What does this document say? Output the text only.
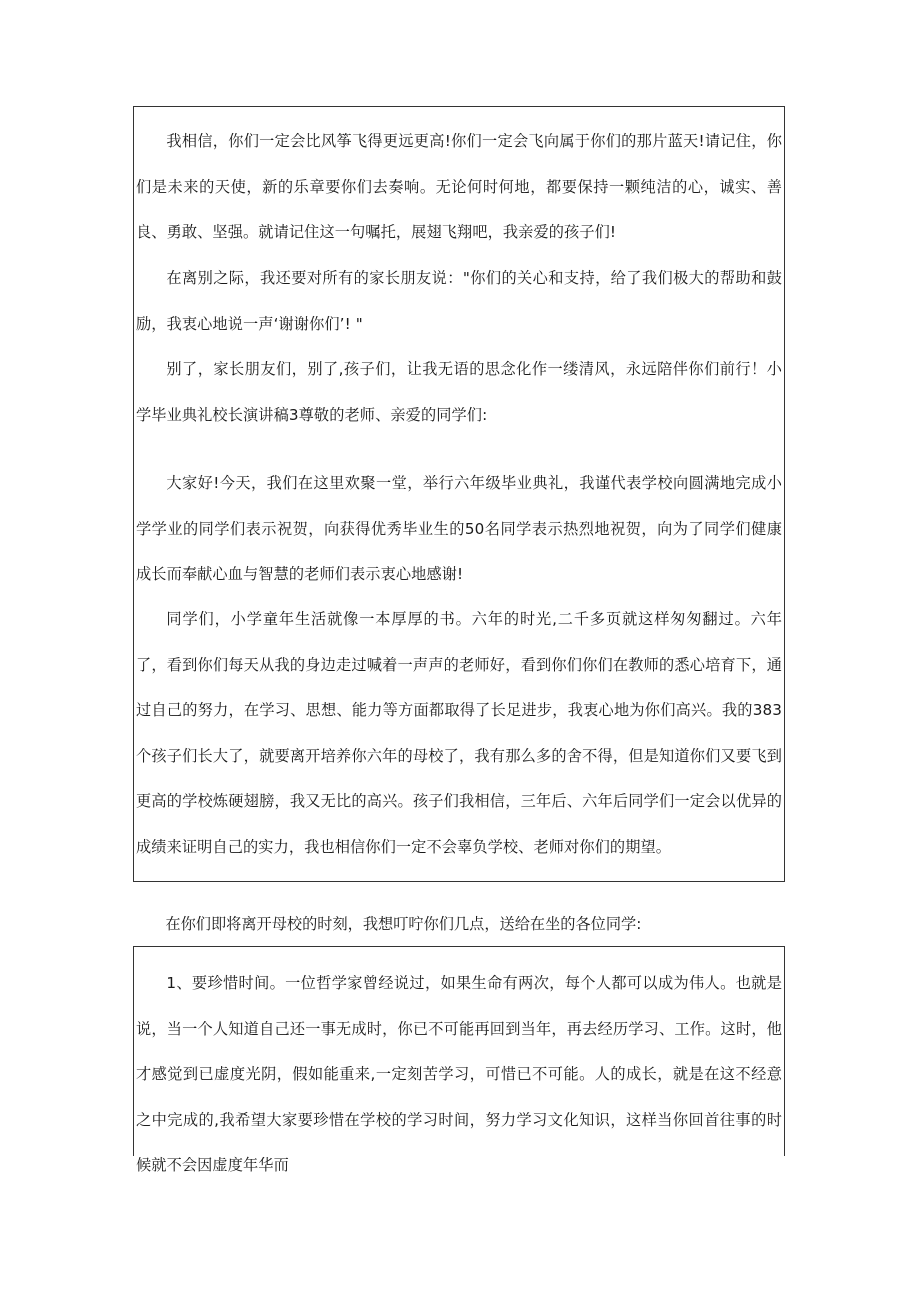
我相信，你们一定会比风筝飞得更远更高!你们一定会飞向属于你们的那片蓝天!请记住，你们是未来的天使，新的乐章要你们去奏响。无论何时何地，都要保持一颗纯洁的心，诚实、善良、勇敢、坚强。就请记住这一句嘱托，展翅飞翔吧，我亲爱的孩子们!

在离别之际，我还要对所有的家长朋友说："你们的关心和支持，给了我们极大的帮助和鼓励，我衷心地说一声‘谢谢你们’! "

别了，家长朋友们，别了,孩子们，让我无语的思念化作一缕清风，永远陪伴你们前行！小学毕业典礼校长演讲稿3尊敬的老师、亲爱的同学们:

大家好!今天，我们在这里欢聚一堂，举行六年级毕业典礼，我谨代表学校向圆满地完成小学学业的同学们表示祝贺，向获得优秀毕业生的50名同学表示热烈地祝贺，向为了同学们健康成长而奉献心血与智慧的老师们表示衷心地感谢!

同学们，小学童年生活就像一本厚厚的书。六年的时光,二千多页就这样匆匆翻过。六年了，看到你们每天从我的身边走过喊着一声声的老师好，看到你们你们在教师的悉心培育下，通过自己的努力，在学习、思想、能力等方面都取得了长足进步，我衷心地为你们高兴。我的383个孩子们长大了，就要离开培养你六年的母校了，我有那么多的舍不得，但是知道你们又要飞到更高的学校炼硬翅膀，我又无比的高兴。孩子们我相信，三年后、六年后同学们一定会以优异的成绩来证明自己的实力，我也相信你们一定不会辜负学校、老师对你们的期望。

在你们即将离开母校的时刻，我想叮咛你们几点，送给在坐的各位同学:

1、要珍惜时间。一位哲学家曾经说过，如果生命有两次，每个人都可以成为伟人。也就是说，当一个人知道自己还一事无成时，你已不可能再回到当年，再去经历学习、工作。这时，他才感觉到已虚度光阴，假如能重来,一定刻苦学习，可惜已不可能。人的成长，就是在这不经意之中完成的,我希望大家要珍惜在学校的学习时间，努力学习文化知识，这样当你回首往事的时候就不会因虚度年华而
